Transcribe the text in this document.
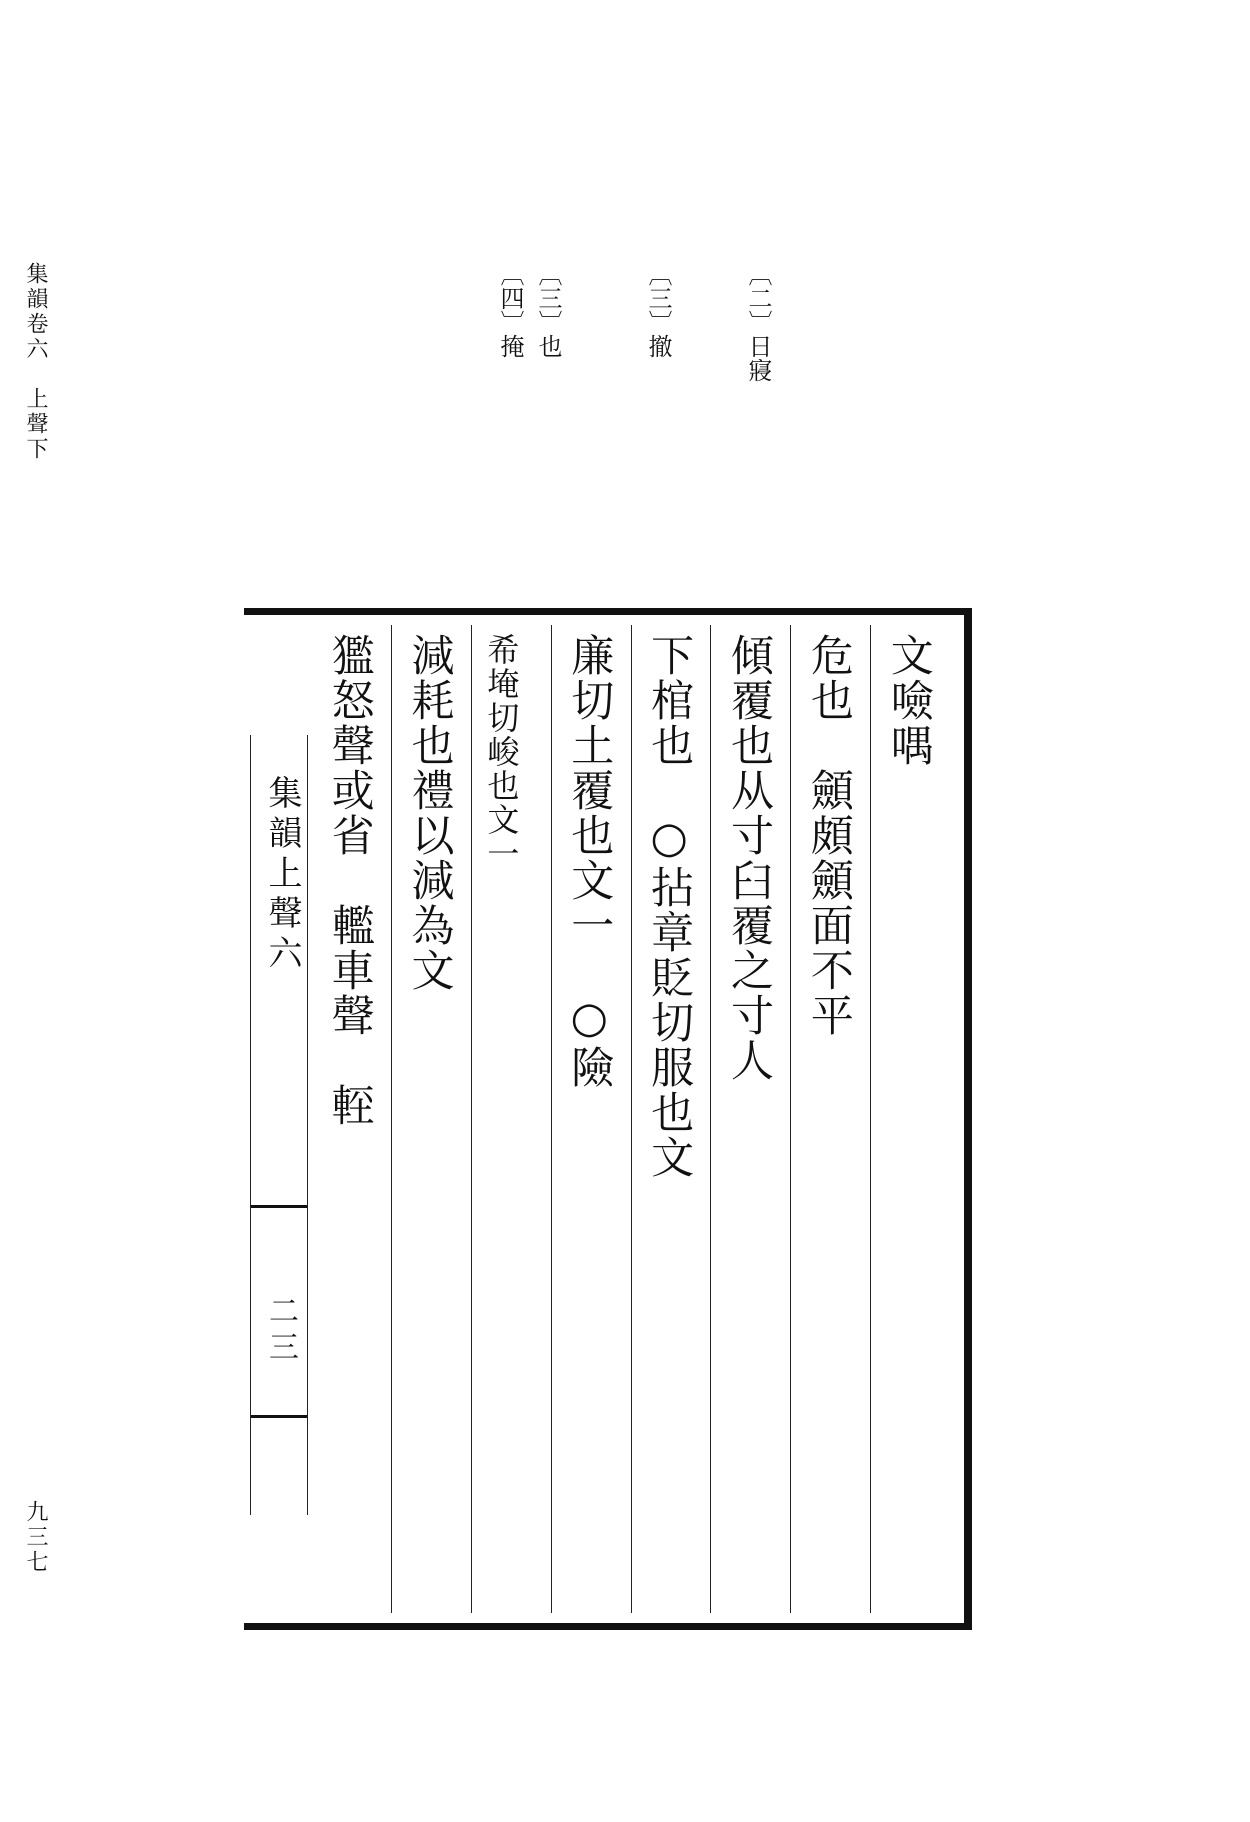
集韻卷六　上聲下
九三七
〔二〕日寢
〔三〕撤
〔三〕也
〔四〕掩
集韻上聲六
二三
　　　文噞喁
　　　　危也　顩頗顩面不平
　傾覆也从寸臼覆之寸人
　　下棺也　○拈章貶切服也文
　　　廉切土覆也文一　○險
希埯切峻也文一
　　減耗也禮以減為文
　　㺝怒聲或省　轞車聲　䡖
